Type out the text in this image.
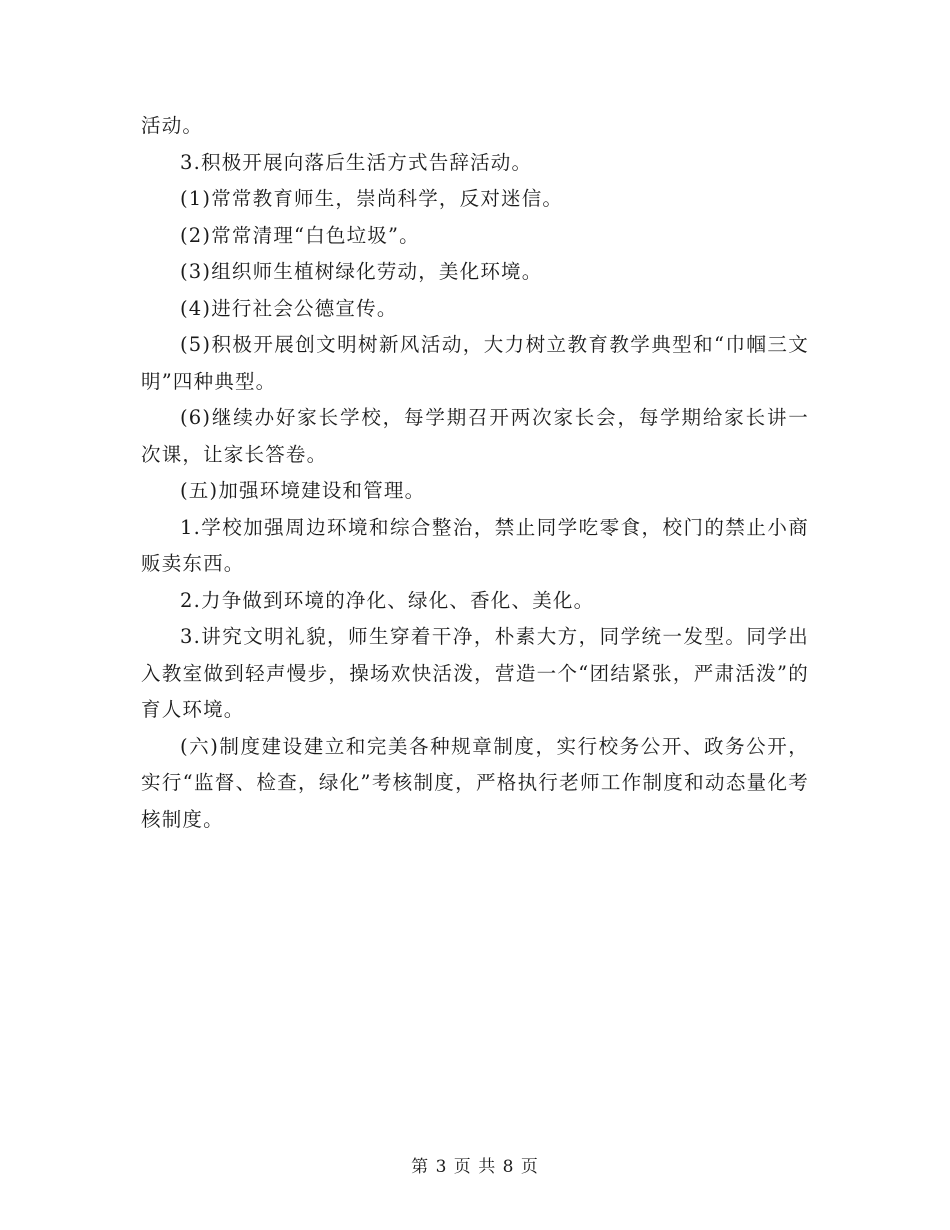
活动。

3.积极开展向落后生活方式告辞活动。

(1)常常教育师生，崇尚科学，反对迷信。

(2)常常清理“白色垃圾”。

(3)组织师生植树绿化劳动，美化环境。

(4)进行社会公德宣传。

(5)积极开展创文明树新风活动，大力树立教育教学典型和“巾帼三文明”四种典型。

(6)继续办好家长学校，每学期召开两次家长会，每学期给家长讲一次课，让家长答卷。

(五)加强环境建设和管理。

1.学校加强周边环境和综合整治，禁止同学吃零食，校门的禁止小商贩卖东西。

2.力争做到环境的净化、绿化、香化、美化。

3.讲究文明礼貌，师生穿着干净，朴素大方，同学统一发型。同学出入教室做到轻声慢步，操场欢快活泼，营造一个“团结紧张，严肃活泼”的育人环境。

(六)制度建设建立和完美各种规章制度，实行校务公开、政务公开，实行“监督、检查，绿化”考核制度，严格执行老师工作制度和动态量化考核制度。

第 3 页 共 8 页
